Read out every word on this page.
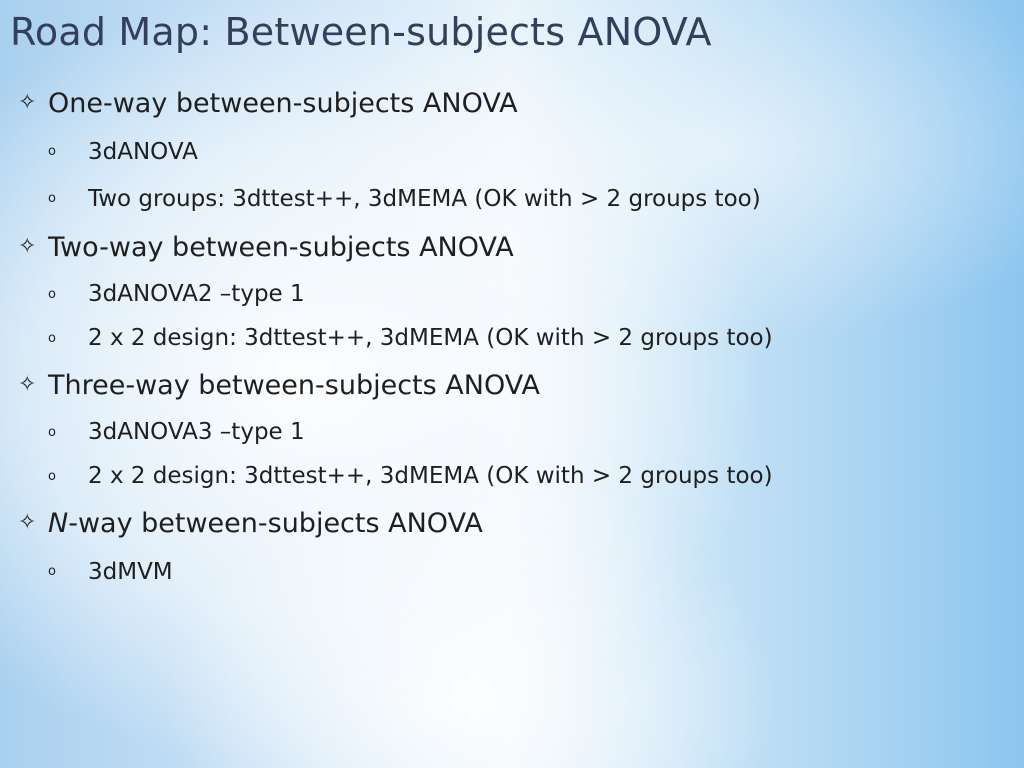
Road Map: Between-subjects ANOVA
✧ One-way between-subjects ANOVA
o	3dANOVA
o	Two groups: 3dttest++, 3dMEMA (OK with > 2 groups too)
✧ Two-way between-subjects ANOVA
o	3dANOVA2 –type 1
o	2 x 2 design: 3dttest++, 3dMEMA (OK with > 2 groups too)
✧ Three-way between-subjects ANOVA
o	3dANOVA3 –type 1
o	2 x 2 design: 3dttest++, 3dMEMA (OK with > 2 groups too)
✧ N-way between-subjects ANOVA
o	3dMVM
